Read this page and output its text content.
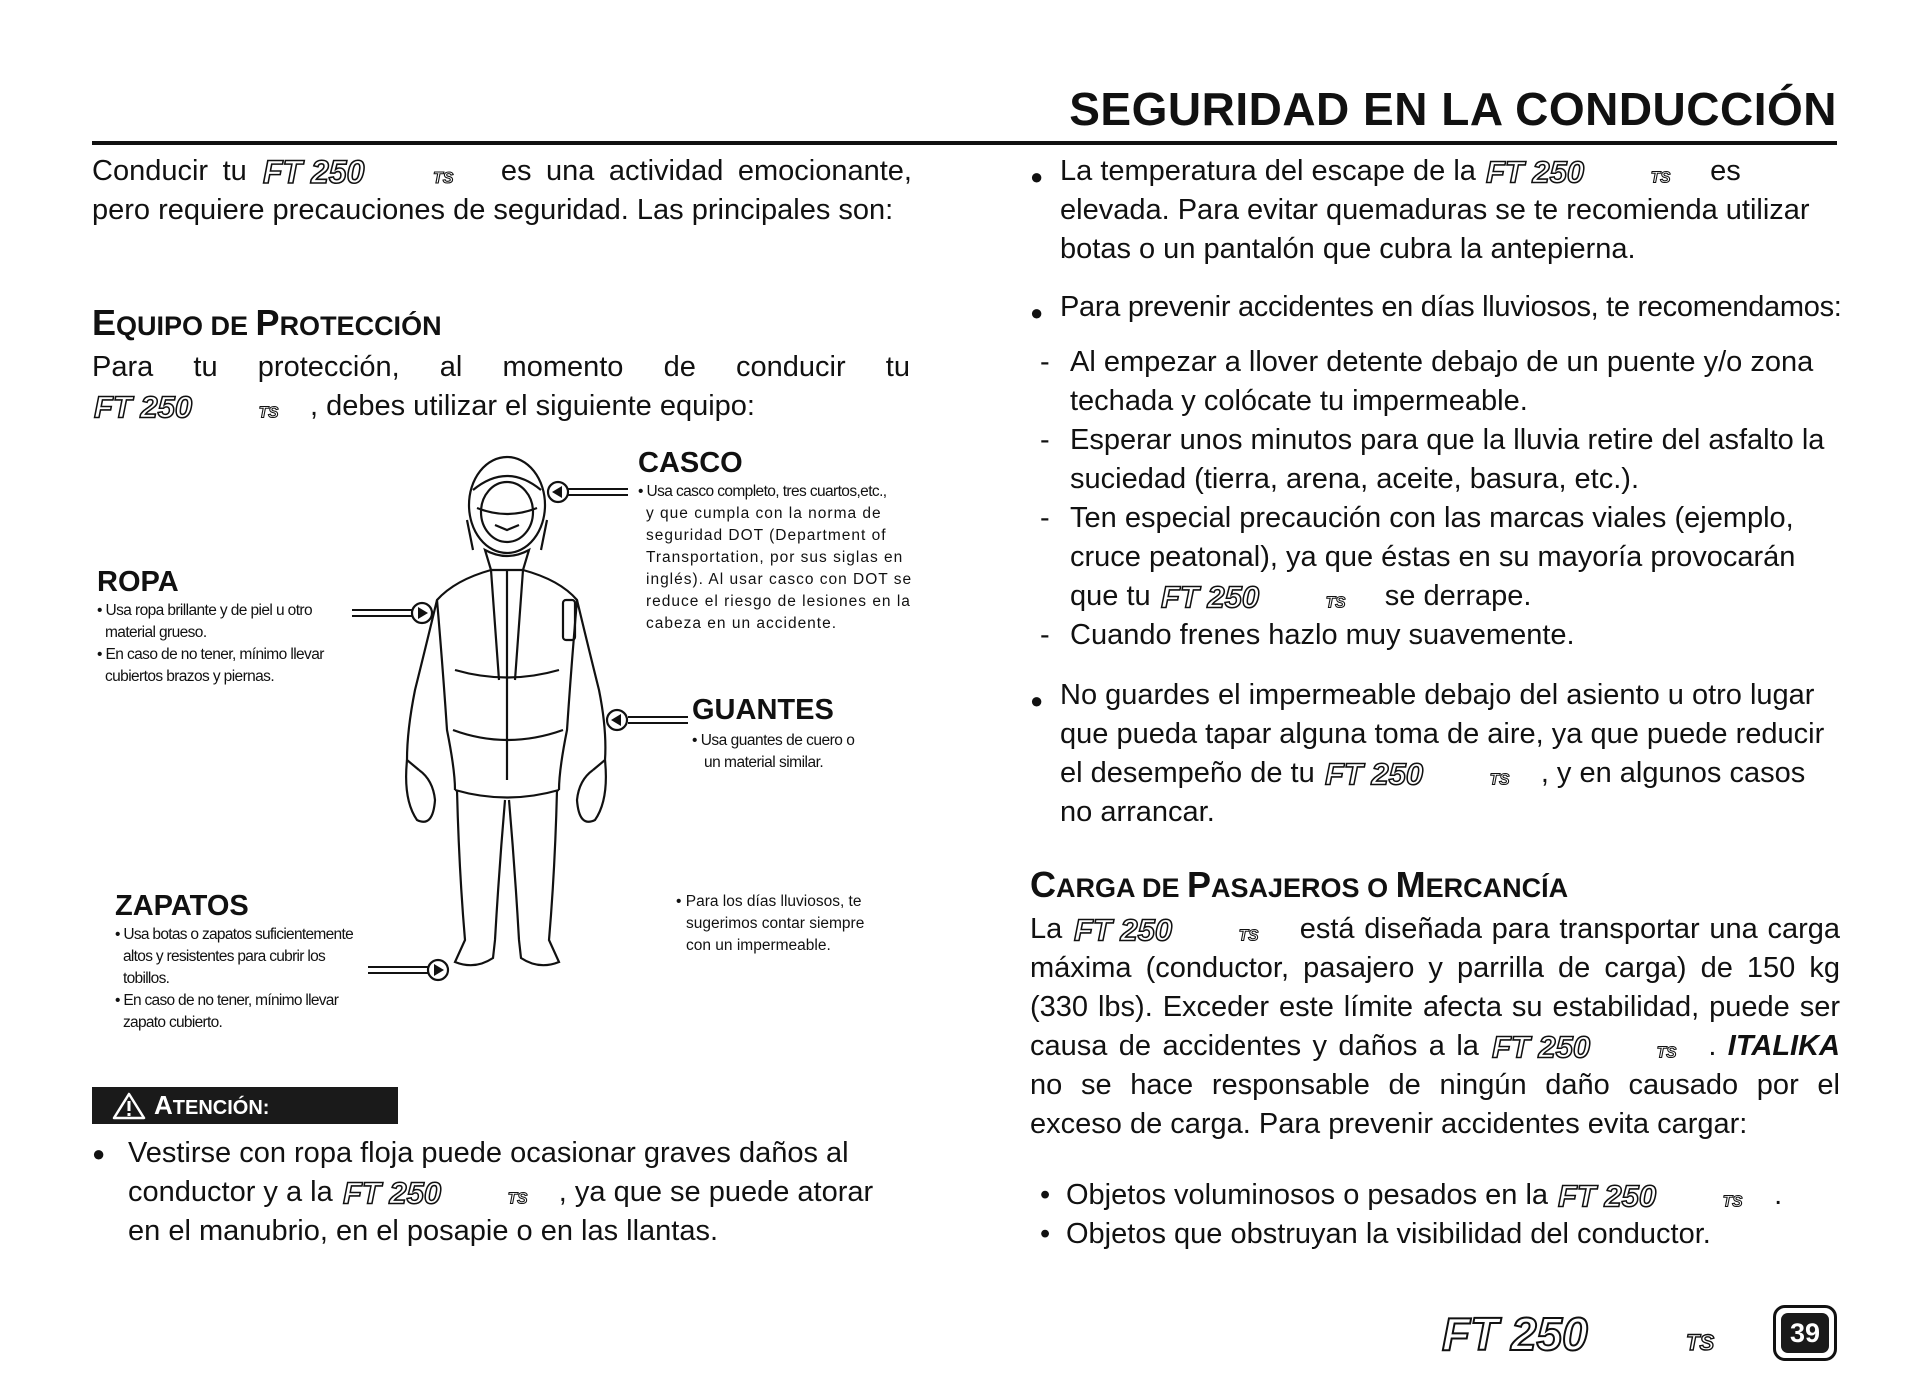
SEGURIDAD EN LA CONDUCCIÓN
Conducir tu FT 250	TS es una actividad emocionante, pero requiere precauciones de seguridad. Las principales son:
EQUIPO DE PROTECCIÓN
Para tu protección, al momento de conducir tu
FT 250	TS , debes utilizar el siguiente equipo:
CASCO
• Usa casco completo, tres cuartos,etc.,
y que cumpla con la norma de
seguridad DOT (Department of
Transportation, por sus siglas en
inglés). Al usar casco con DOT se
reduce el riesgo de lesiones en la
cabeza en un accidente.
ROPA
• Usa ropa brillante y de piel u otro
material grueso.
• En caso de no tener, mínimo llevar
cubiertos brazos y piernas.
GUANTES
• Usa guantes de cuero o
un material similar.
ZAPATOS
• Usa botas o zapatos suficientemente
altos y resistentes para cubrir los
tobillos.
• En caso de no tener, mínimo llevar
zapato cubierto.
• Para los días lluviosos, te
sugerimos contar siempre
con un impermeable.
ATENCIÓN:
● Vestirse con ropa floja puede ocasionar graves daños al conductor y a la FT 250	TS , ya que se puede atorar en el manubrio, en el posapie o en las llantas.
● La temperatura del escape de la FT 250	TS es elevada. Para evitar quemaduras se te recomienda utilizar botas o un pantalón que cubra la antepierna.
● Para prevenir accidentes en días lluviosos, te recomendamos:
- Al empezar a llover detente debajo de un puente y/o zona techada y colócate tu impermeable.
- Esperar unos minutos para que la lluvia retire del asfalto la suciedad (tierra, arena, aceite, basura, etc.).
- Ten especial precaución con las marcas viales (ejemplo, cruce peatonal), ya que éstas en su mayoría provocarán que tu FT 250	TS se derrape.
- Cuando frenes hazlo muy suavemente.
● No guardes el impermeable debajo del asiento u otro lugar que pueda tapar alguna toma de aire, ya que puede reducir el desempeño de tu FT 250	TS , y en algunos casos no arrancar.
CARGA DE PASAJEROS O MERCANCÍA
La FT 250	TS está diseñada para transportar una carga máxima (conductor, pasajero y parrilla de carga) de 150 kg (330 lbs). Exceder este límite afecta su estabilidad, puede ser causa de accidentes y daños a la FT 250	TS . ITALIKA no se hace responsable de ningún daño causado por el exceso de carga. Para prevenir accidentes evita cargar:
• Objetos voluminosos o pesados en la FT 250	TS .
• Objetos que obstruyan la visibilidad del conductor.
FT 250	TS	39
